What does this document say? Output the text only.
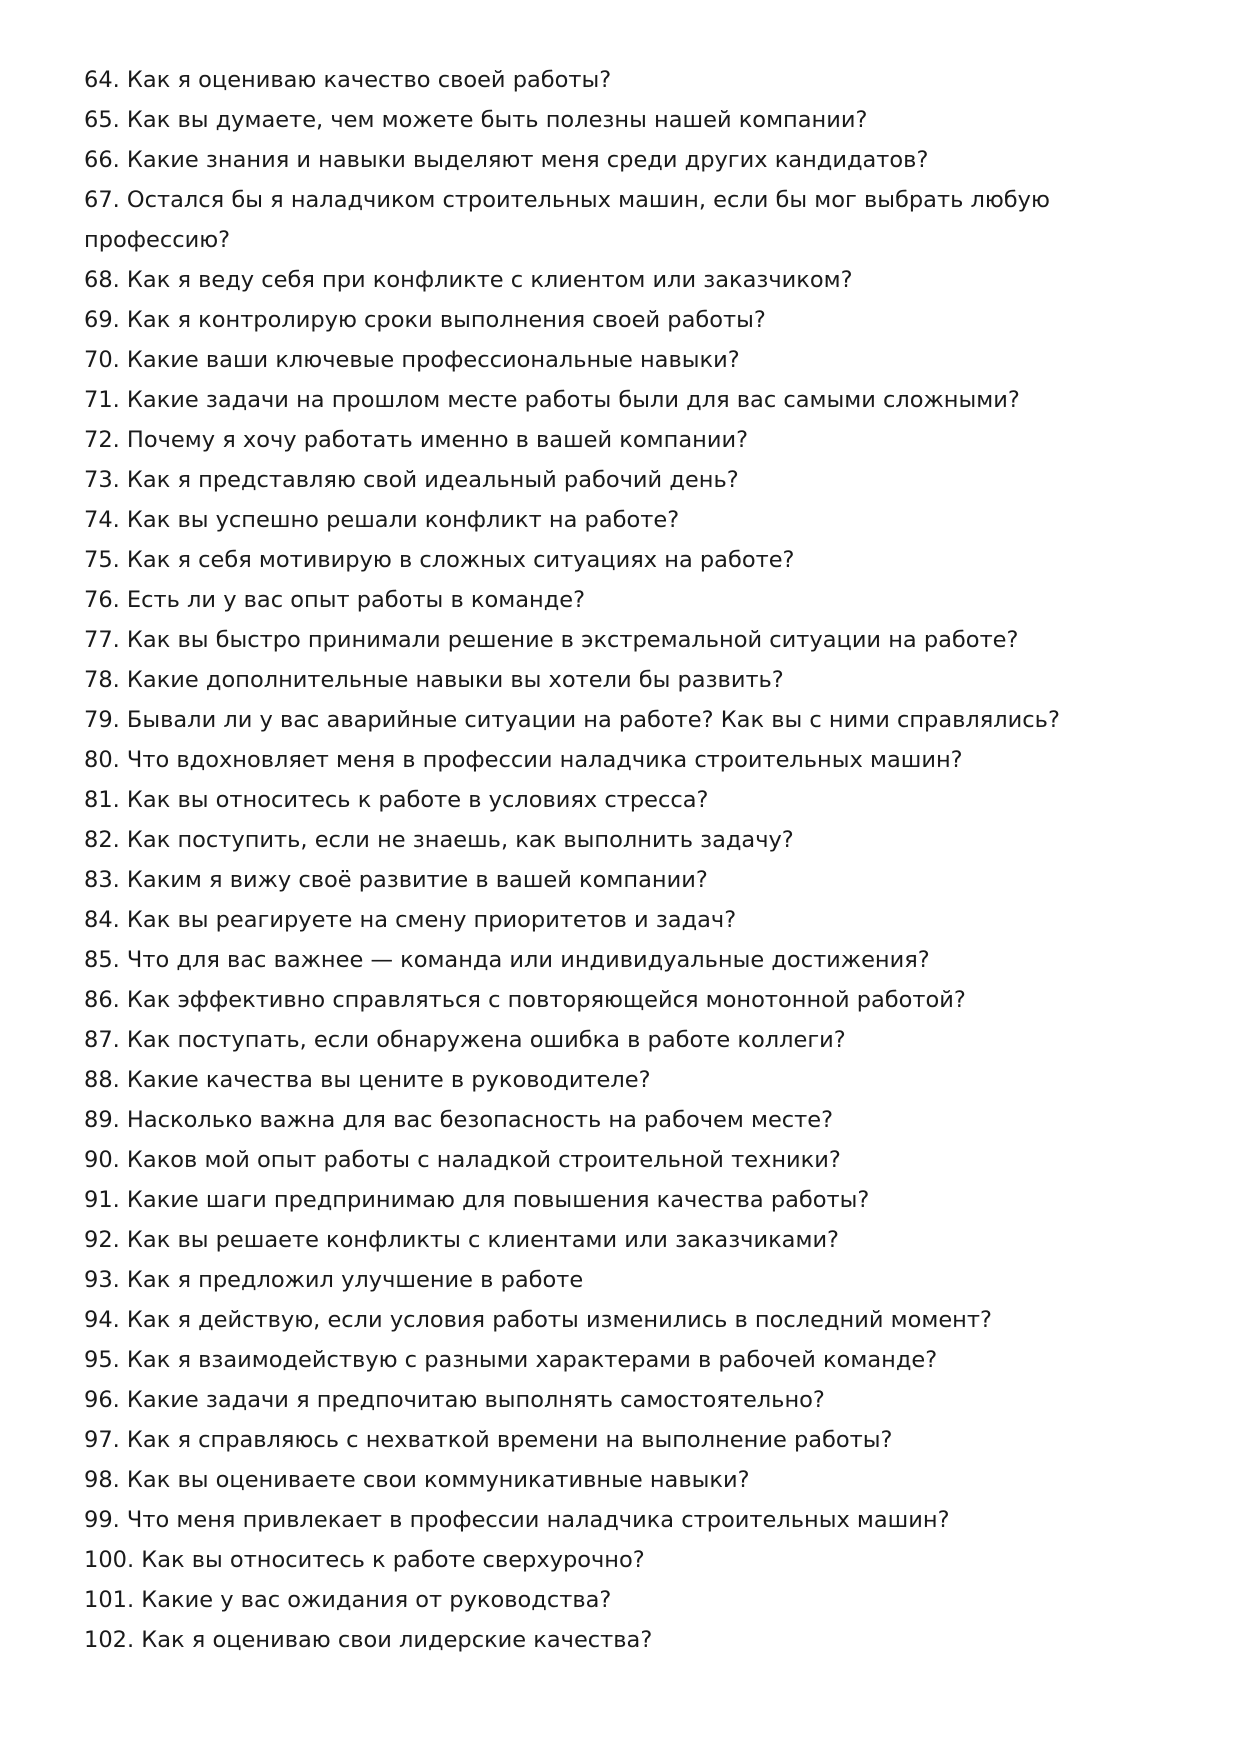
64. Как я оцениваю качество своей работы?
65. Как вы думаете, чем можете быть полезны нашей компании?
66. Какие знания и навыки выделяют меня среди других кандидатов?
67. Остался бы я наладчиком строительных машин, если бы мог выбрать любую профессию?
68. Как я веду себя при конфликте с клиентом или заказчиком?
69. Как я контролирую сроки выполнения своей работы?
70. Какие ваши ключевые профессиональные навыки?
71. Какие задачи на прошлом месте работы были для вас самыми сложными?
72. Почему я хочу работать именно в вашей компании?
73. Как я представляю свой идеальный рабочий день?
74. Как вы успешно решали конфликт на работе?
75. Как я себя мотивирую в сложных ситуациях на работе?
76. Есть ли у вас опыт работы в команде?
77. Как вы быстро принимали решение в экстремальной ситуации на работе?
78. Какие дополнительные навыки вы хотели бы развить?
79. Бывали ли у вас аварийные ситуации на работе? Как вы с ними справлялись?
80. Что вдохновляет меня в профессии наладчика строительных машин?
81. Как вы относитесь к работе в условиях стресса?
82. Как поступить, если не знаешь, как выполнить задачу?
83. Каким я вижу своё развитие в вашей компании?
84. Как вы реагируете на смену приоритетов и задач?
85. Что для вас важнее — команда или индивидуальные достижения?
86. Как эффективно справляться с повторяющейся монотонной работой?
87. Как поступать, если обнаружена ошибка в работе коллеги?
88. Какие качества вы цените в руководителе?
89. Насколько важна для вас безопасность на рабочем месте?
90. Каков мой опыт работы с наладкой строительной техники?
91. Какие шаги предпринимаю для повышения качества работы?
92. Как вы решаете конфликты с клиентами или заказчиками?
93. Как я предложил улучшение в работе
94. Как я действую, если условия работы изменились в последний момент?
95. Как я взаимодействую с разными характерами в рабочей команде?
96. Какие задачи я предпочитаю выполнять самостоятельно?
97. Как я справляюсь с нехваткой времени на выполнение работы?
98. Как вы оцениваете свои коммуникативные навыки?
99. Что меня привлекает в профессии наладчика строительных машин?
100. Как вы относитесь к работе сверхурочно?
101. Какие у вас ожидания от руководства?
102. Как я оцениваю свои лидерские качества?
